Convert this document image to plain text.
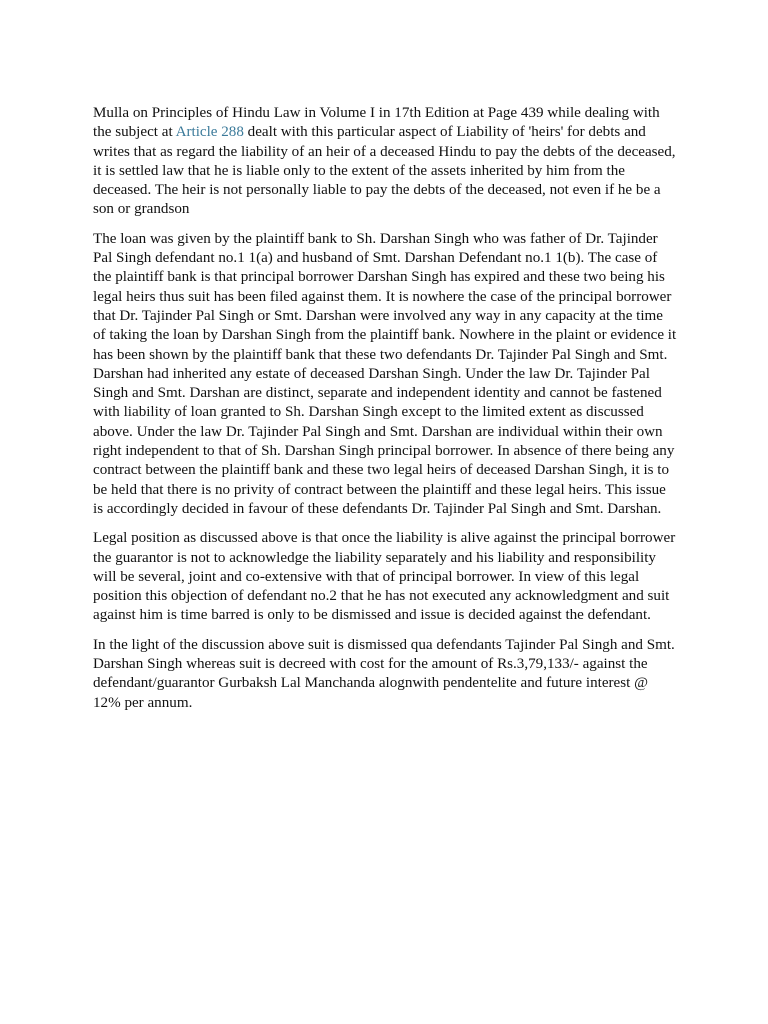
Mulla on Principles of Hindu Law in Volume I in 17th Edition at Page 439 while dealing with the subject at Article 288 dealt with this particular aspect of Liability of 'heirs' for debts and writes that as regard the liability of an heir of a deceased Hindu to pay the debts of the deceased, it is settled law that he is liable only to the extent of the assets inherited by him from the deceased. The heir is not personally liable to pay the debts of the deceased, not even if he be a son or grandson

The loan was given by the plaintiff bank to Sh. Darshan Singh who was father of Dr. Tajinder Pal Singh defendant no.1 1(a) and husband of Smt. Darshan Defendant no.1 1(b). The case of the plaintiff bank is that principal borrower Darshan Singh has expired and these two being his legal heirs thus suit has been filed against them. It is nowhere the case of the principal borrower that Dr. Tajinder Pal Singh or Smt. Darshan were involved any way in any capacity at the time of taking the loan by Darshan Singh from the plaintiff bank. Nowhere in the plaint or evidence it has been shown by the plaintiff bank that these two defendants Dr. Tajinder Pal Singh and Smt. Darshan had inherited any estate of deceased Darshan Singh. Under the law Dr. Tajinder Pal Singh and Smt. Darshan are distinct, separate and independent identity and cannot be fastened with liability of loan granted to Sh. Darshan Singh except to the limited extent as discussed above. Under the law Dr. Tajinder Pal Singh and Smt. Darshan are individual within their own right independent to that of Sh. Darshan Singh principal borrower. In absence of there being any contract between the plaintiff bank and these two legal heirs of deceased Darshan Singh, it is to be held that there is no privity of contract between the plaintiff and these legal heirs. This issue is accordingly decided in favour of these defendants Dr. Tajinder Pal Singh and Smt. Darshan.

Legal position as discussed above is that once the liability is alive against the principal borrower the guarantor is not to acknowledge the liability separately and his liability and responsibility will be several, joint and co-extensive with that of principal borrower. In view of this legal position this objection of defendant no.2 that he has not executed any acknowledgment and suit against him is time barred is only to be dismissed and issue is decided against the defendant.

In the light of the discussion above suit is dismissed qua defendants Tajinder Pal Singh and Smt. Darshan Singh whereas suit is decreed with cost for the amount of Rs.3,79,133/- against the defendant/guarantor Gurbaksh Lal Manchanda alognwith pendentelite and future interest @ 12% per annum.
